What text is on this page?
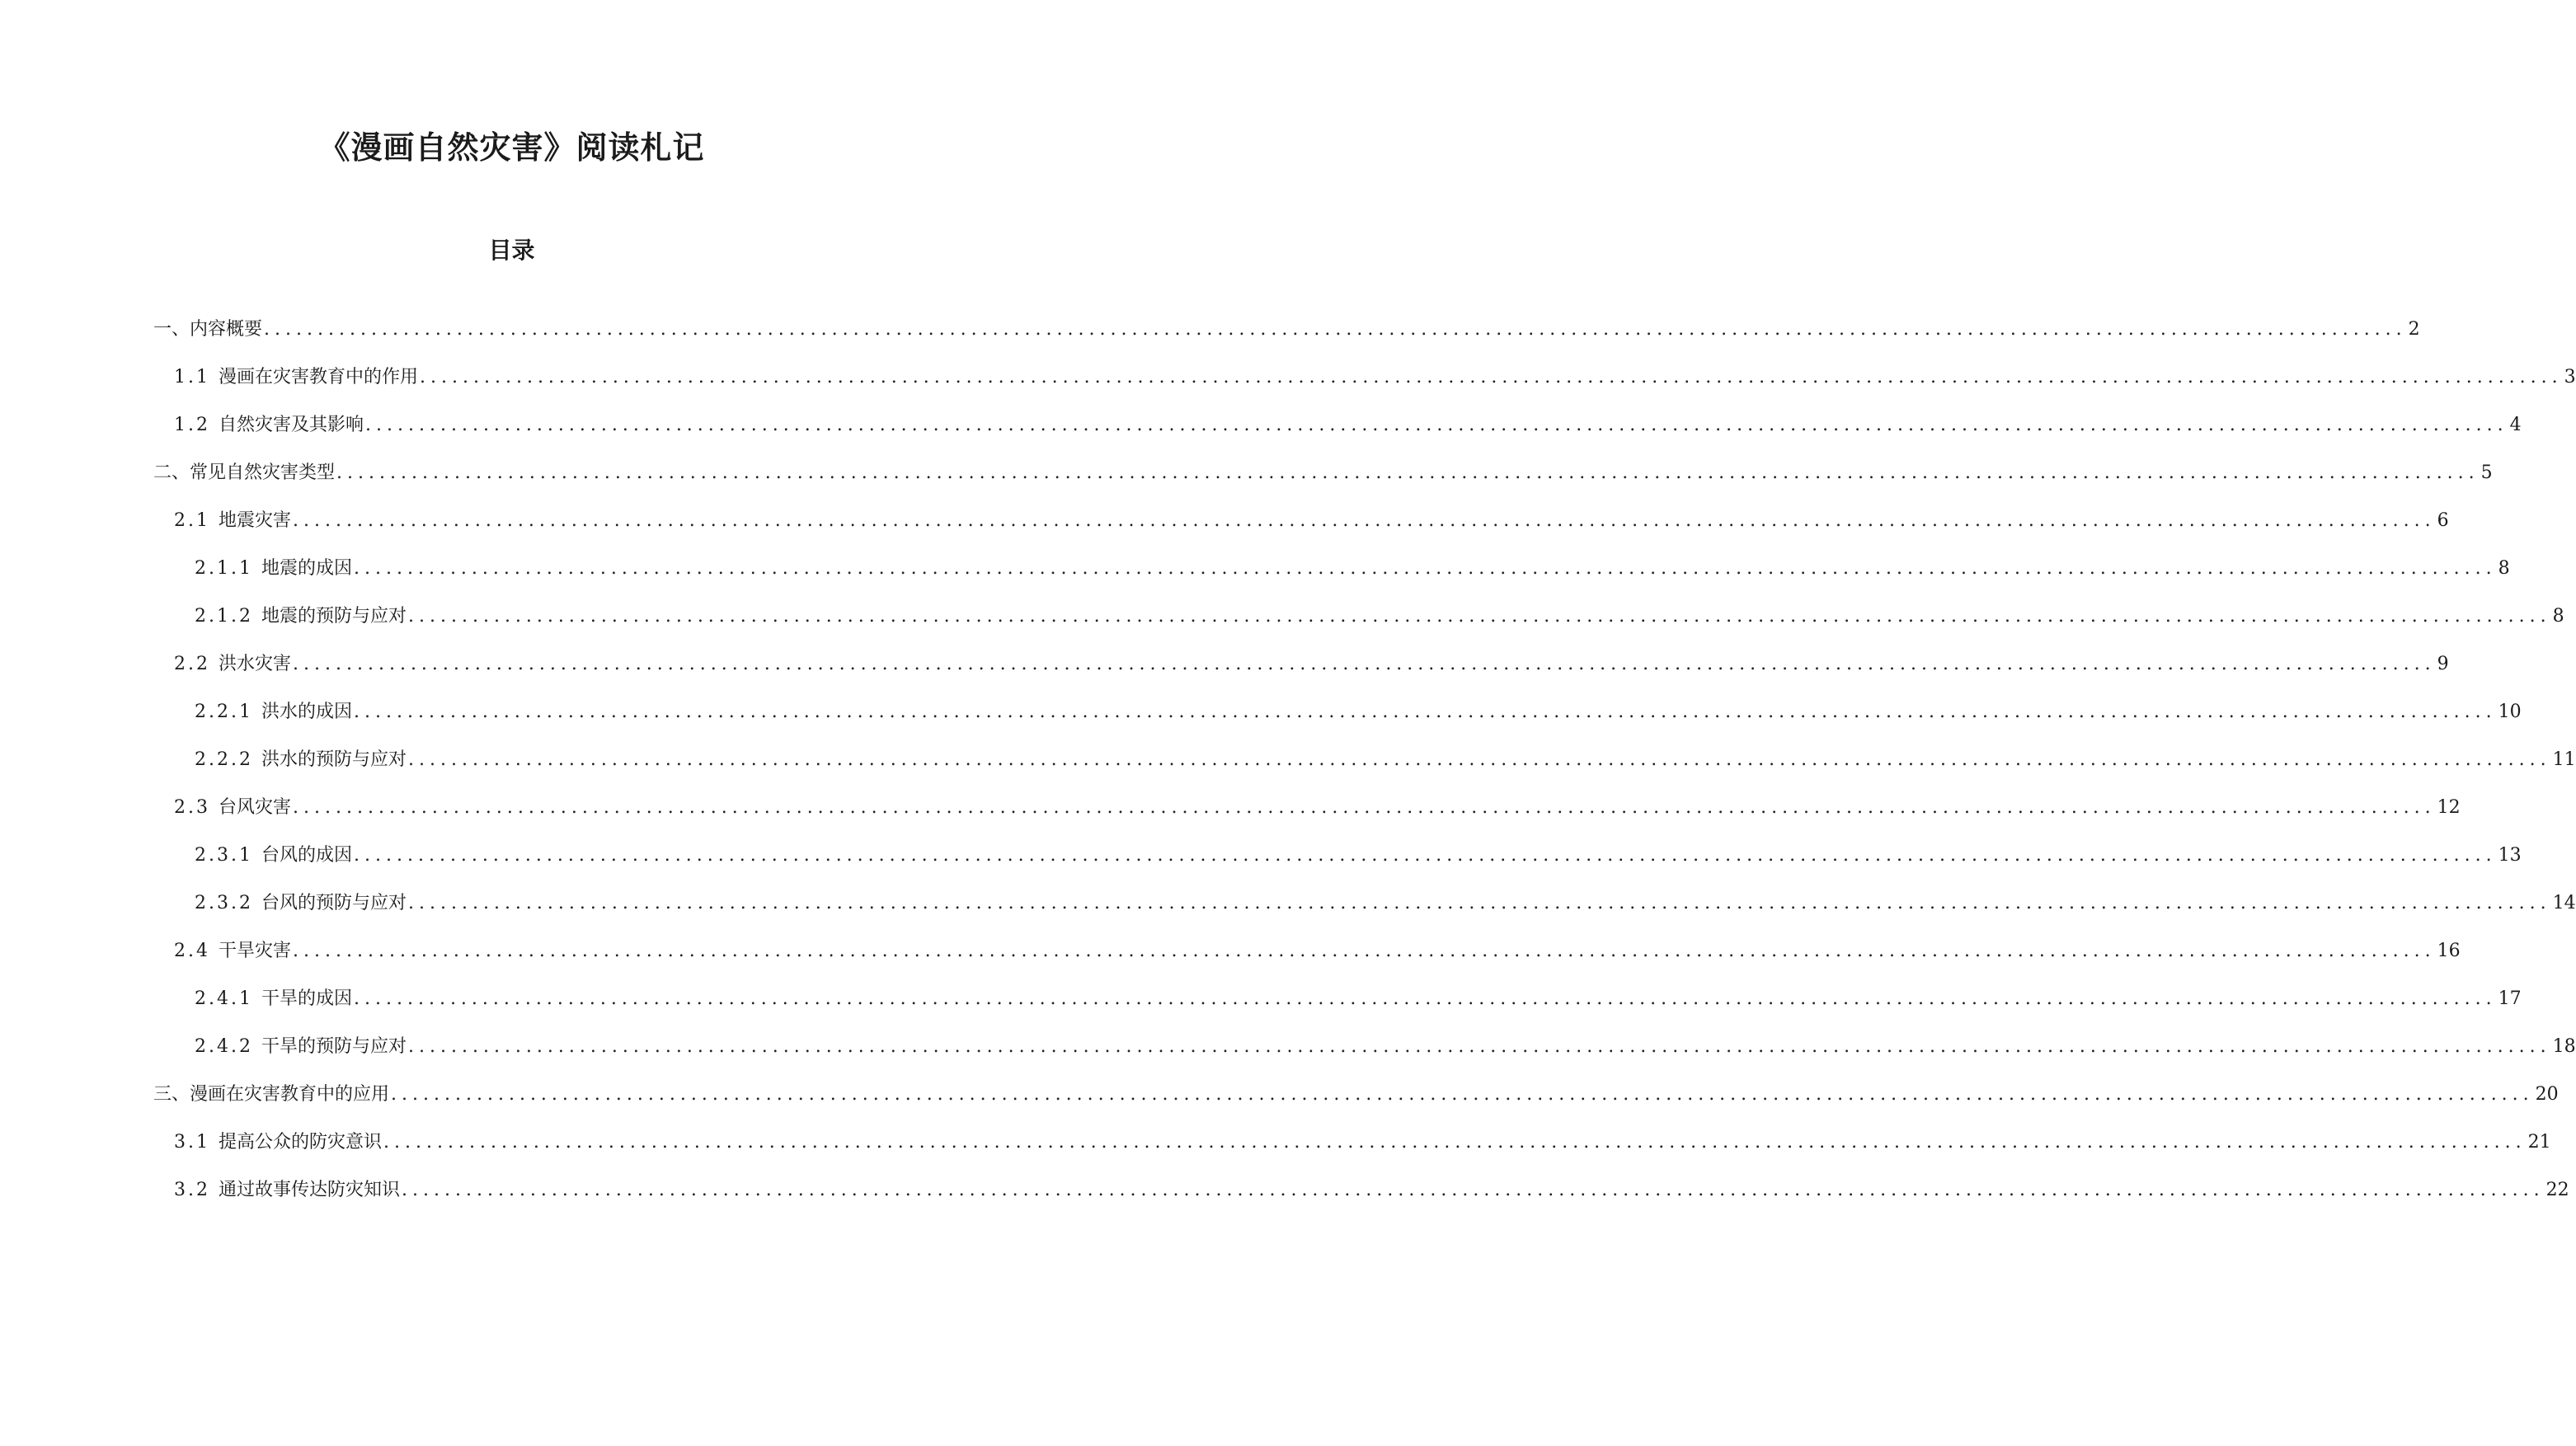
《漫画自然灾害》阅读札记
目录
一、 内容概要 ........................................................................................................................................................................................................ 2
1.1 漫画在灾害教育中的作用 ........................................................................................................................................................................................................ 3
1.2 自然灾害及其影响 ........................................................................................................................................................................................................ 4
二、 常见自然灾害类型 ........................................................................................................................................................................................................ 5
2.1 地震灾害 ........................................................................................................................................................................................................ 6
2.1.1 地震的成因 ........................................................................................................................................................................................................ 8
2.1.2 地震的预防与应对 ........................................................................................................................................................................................................ 8
2.2 洪水灾害 ........................................................................................................................................................................................................ 9
2.2.1 洪水的成因 ........................................................................................................................................................................................................ 10
2.2.2 洪水的预防与应对 ........................................................................................................................................................................................................ 11
2.3 台风灾害 ........................................................................................................................................................................................................ 12
2.3.1 台风的成因 ........................................................................................................................................................................................................ 13
2.3.2 台风的预防与应对 ........................................................................................................................................................................................................ 14
2.4 干旱灾害 ........................................................................................................................................................................................................ 16
2.4.1 干旱的成因 ........................................................................................................................................................................................................ 17
2.4.2 干旱的预防与应对 ........................................................................................................................................................................................................ 18
三、 漫画在灾害教育中的应用 ........................................................................................................................................................................................................ 20
3.1 提高公众的防灾意识 ........................................................................................................................................................................................................ 21
3.2 通过故事传达防灾知识 ........................................................................................................................................................................................................ 22
